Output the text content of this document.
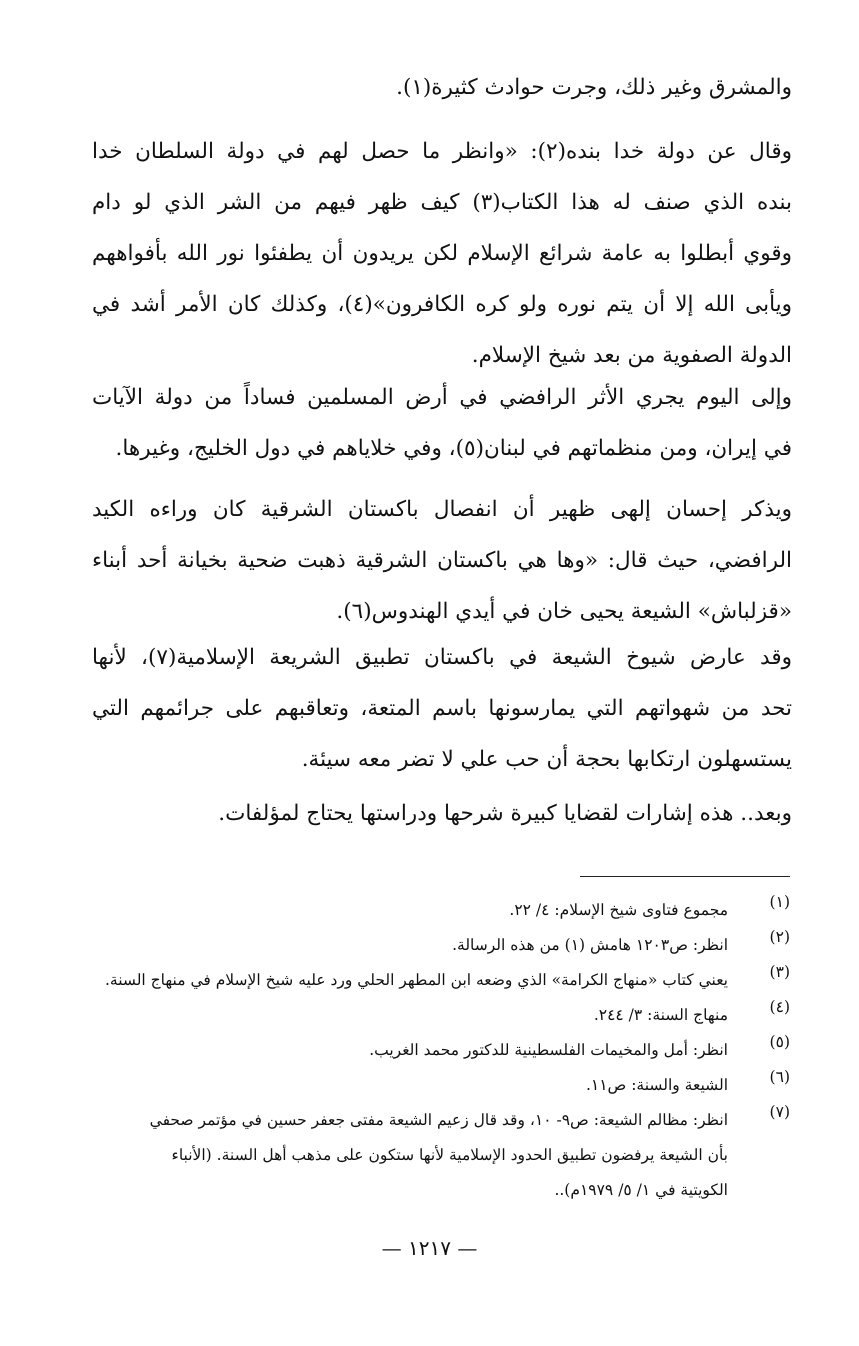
والمشرق وغير ذلك، وجرت حوادث كثيرة(١).
وقال عن دولة خدا بنده(٢): «وانظر ما حصل لهم في دولة السلطان خدا
بنده الذي صنف له هذا الكتاب(٣) كيف ظهر فيهم من الشر الذي لو دام
وقوي أبطلوا به عامة شرائع الإسلام لكن يريدون أن يطفئوا نور الله بأفواههم
ويأبى الله إلا أن يتم نوره ولو كره الكافرون»(٤)، وكذلك كان الأمر أشد في
الدولة الصفوية من بعد شيخ الإسلام.
وإلى اليوم يجري الأثر الرافضي في أرض المسلمين فساداً من دولة الآيات
في إيران، ومن منظماتهم في لبنان(٥)، وفي خلاياهم في دول الخليج، وغيرها.
ويذكر إحسان إلهى ظهير أن انفصال باكستان الشرقية كان وراءه الكيد
الرافضي، حيث قال: «وها هي باكستان الشرقية ذهبت ضحية بخيانة أحد أبناء
«قزلباش» الشيعة يحيى خان في أيدي الهندوس(٦).
وقد عارض شيوخ الشيعة في باكستان تطبيق الشريعة الإسلامية(٧)، لأنها
تحد من شهواتهم التي يمارسونها باسم المتعة، وتعاقبهم على جرائمهم التي
يستسهلون ارتكابها بحجة أن حب علي لا تضر معه سيئة.
وبعد.. هذه إشارات لقضايا كبيرة شرحها ودراستها يحتاج لمؤلفات.
(١)
مجموع فتاوى شيخ الإسلام: ٤/ ٢٢.
(٢)
انظر: ص١٢٠٣ هامش (١) من هذه الرسالة.
(٣)
يعني كتاب «منهاج الكرامة» الذي وضعه ابن المطهر الحلي ورد عليه شيخ الإسلام في منهاج السنة.
(٤)
منهاج السنة: ٣/ ٢٤٤.
(٥)
انظر: أمل والمخيمات الفلسطينية للدكتور محمد الغريب.
(٦)
الشيعة والسنة: ص١١.
(٧)
انظر: مظالم الشيعة: ص٩- ١٠، وقد قال زعيم الشيعة مفتى جعفر حسين في مؤتمر صحفي
بأن الشيعة يرفضون تطبيق الحدود الإسلامية لأنها ستكون على مذهب أهل السنة. (الأنباء
الكويتية في ١/ ٥/ ١٩٧٩م)..
— ١٢١٧ —
